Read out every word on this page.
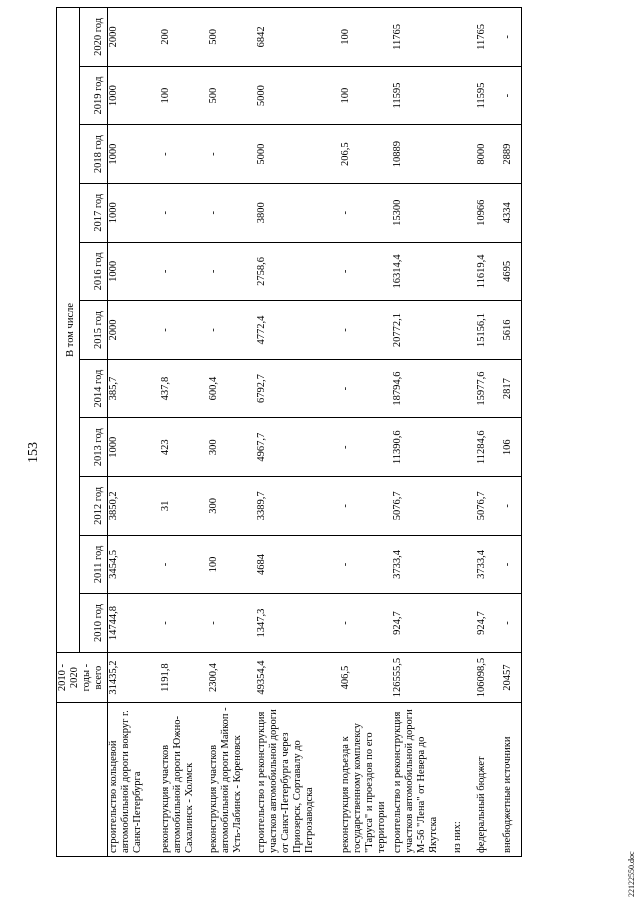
153
	2010 - 2020 годы - всего	В том числе										
		2010 год	2011 год	2012 год	2013 год	2014 год	2015 год	2016 год	2017 год	2018 год	2019 год	2020 год
строительство кольцевой автомобильной дороги вокруг г. Санкт-Петербурга	31435,2	14744,8	3454,5	3850,2	1000	385,7	2000	1000	1000	1000	1000	2000
реконструкция участков автомобильной дороги Южно-Сахалинск - Холмск	1191,8	-	-	31	423	437,8	-	-	-	-	100	200
реконструкция участков автомобильной дороги Майкоп - Усть-Лабинск - Кореновск	2300,4	-	100	300	300	600,4	-	-	-	-	500	500
строительство и реконструкция участков автомобильной дороги от Санкт-Петербурга через Приозерск, Сортавалу до Петрозаводска	49354,4	1347,3	4684	3389,7	4967,7	6792,7	4772,4	2758,6	3800	5000	5000	6842
реконструкция подъезда к государственному комплексу "Таруса" и проездов по его территории	406,5	-	-	-	-	-	-	-	-	206,5	100	100
строительство и реконструкция участков автомобильной дороги М-56 "Лена" от Невера до Якутска	126555,5	924,7	3733,4	5076,7	11390,6	18794,6	20772,1	16314,4	15300	10889	11595	11765
из них:												
федеральный бюджет	106098,5	924,7	3733,4	5076,7	11284,6	15977,6	15156,1	11619,4	10966	8000	11595	11765
внебюджетные источники	20457	-	-	-	106	2817	5616	4695	4334	2889	-	-
22122550.doc
